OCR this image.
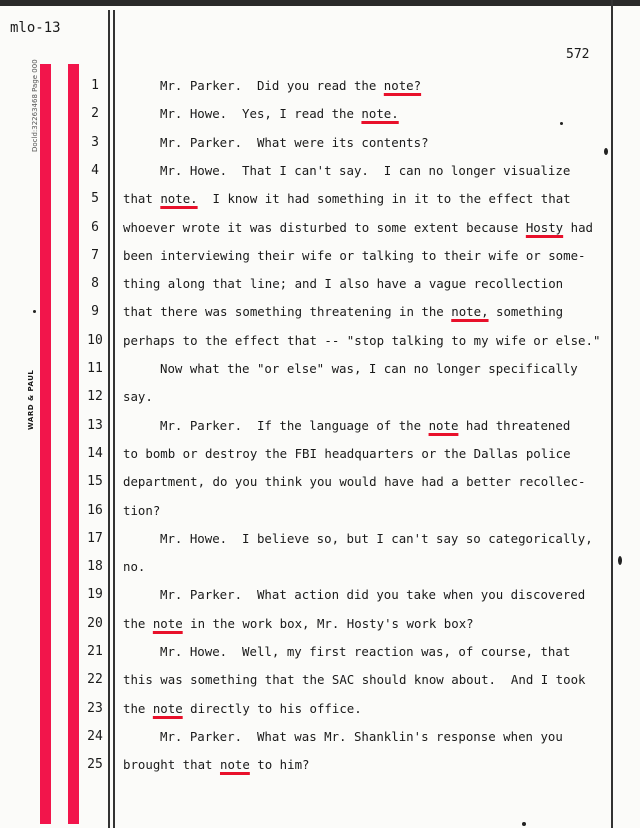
mlo-13
572
Docld:32263468 Page 000
WARD & PAUL
1
2
3
4
5
6
7
8
9
10
11
12
13
14
15
16
17
18
19
20
21
22
23
24
25
Mr. Parker.  Did you read the note?
Mr. Howe.  Yes, I read the note.
Mr. Parker.  What were its contents?
Mr. Howe.  That I can't say.  I can no longer visualize
that note.  I know it had something in it to the effect that
whoever wrote it was disturbed to some extent because Hosty had
been interviewing their wife or talking to their wife or some-
thing along that line; and I also have a vague recollection
that there was something threatening in the note, something
perhaps to the effect that -- "stop talking to my wife or else."
Now what the "or else" was, I can no longer specifically
say.
Mr. Parker.  If the language of the note had threatened
to bomb or destroy the FBI headquarters or the Dallas police
department, do you think you would have had a better recollec-
tion?
Mr. Howe.  I believe so, but I can't say so categorically,
no.
Mr. Parker.  What action did you take when you discovered
the note in the work box, Mr. Hosty's work box?
Mr. Howe.  Well, my first reaction was, of course, that
this was something that the SAC should know about.  And I took
the note directly to his office.
Mr. Parker.  What was Mr. Shanklin's response when you
brought that note to him?
